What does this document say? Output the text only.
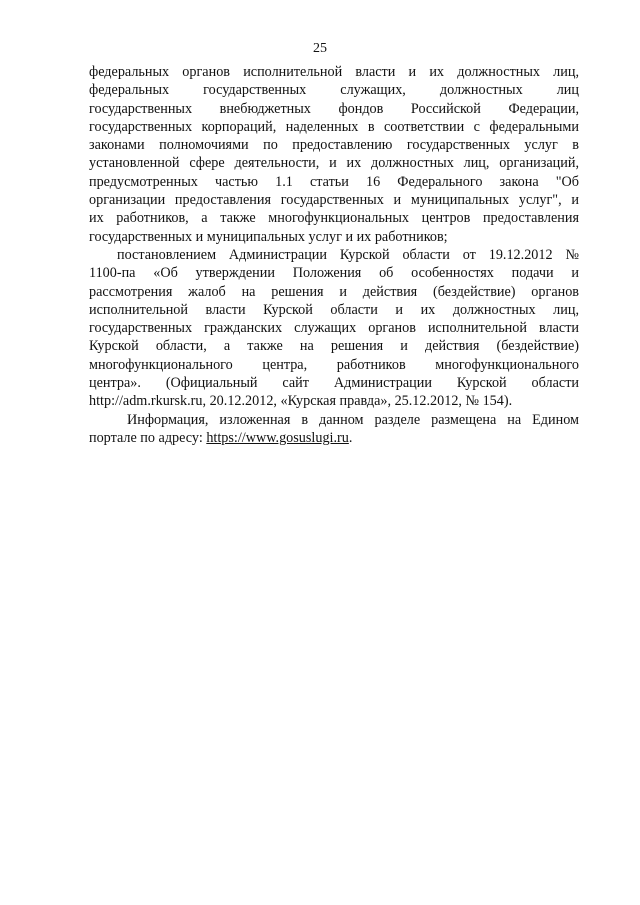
25
федеральных органов исполнительной власти и их должностных лиц,
федеральных государственных служащих, должностных лиц
государственных внебюджетных фондов Российской Федерации,
государственных корпораций, наделенных в соответствии с федеральными
законами полномочиями по предоставлению государственных услуг в
установленной сфере деятельности, и их должностных лиц, организаций,
предусмотренных частью 1.1 статьи 16 Федерального закона "Об
организации предоставления государственных и муниципальных услуг", и
их работников, а также многофункциональных центров предоставления
государственных и муниципальных услуг и их работников;
постановлением Администрации Курской области от 19.12.2012 №
1100-па «Об утверждении Положения об особенностях подачи и
рассмотрения жалоб на решения и действия (бездействие) органов
исполнительной власти Курской области и их должностных лиц,
государственных гражданских служащих органов исполнительной власти
Курской области, а также на решения и действия (бездействие)
многофункционального центра, работников многофункционального
центра». (Официальный сайт Администрации Курской области
http://adm.rkursk.ru, 20.12.2012, «Курская правда», 25.12.2012, № 154).
Информация, изложенная в данном разделе размещена на Едином
портале по адресу: https://www.gosuslugi.ru.
